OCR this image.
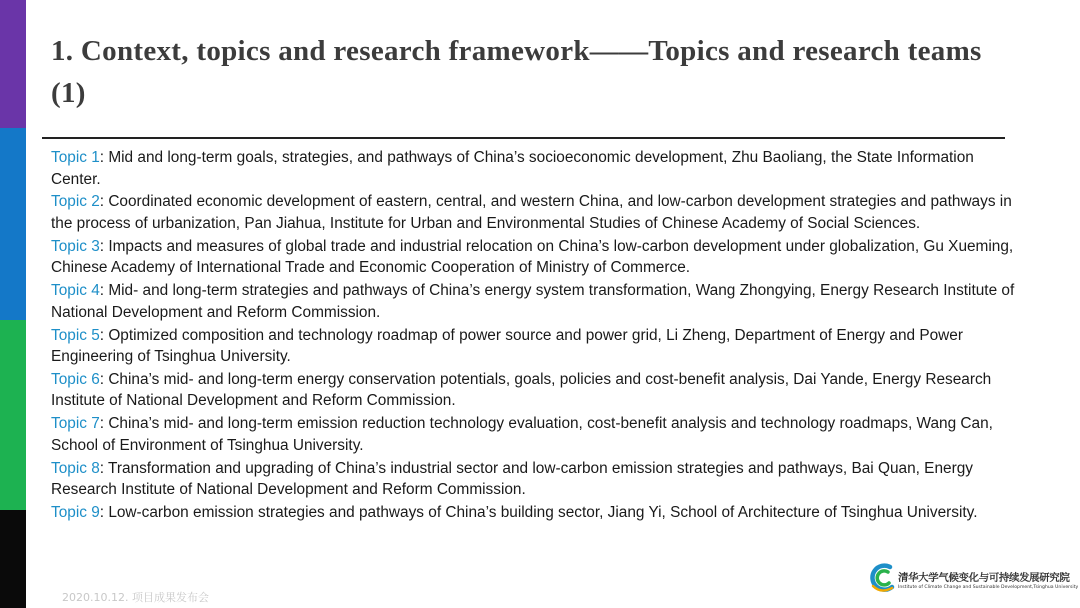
1. Context, topics and research framework——Topics and research teams (1)
Topic 1: Mid and long-term goals, strategies, and pathways of China’s socioeconomic development, Zhu Baoliang, the State Information Center.
Topic 2: Coordinated economic development of eastern, central, and western China, and low-carbon development strategies and pathways in the process of urbanization, Pan Jiahua, Institute for Urban and Environmental Studies of Chinese Academy of Social Sciences.
Topic 3: Impacts and measures of global trade and industrial relocation on China’s low-carbon development under globalization, Gu Xueming, Chinese Academy of International Trade and Economic Cooperation of Ministry of Commerce.
Topic 4: Mid- and long-term strategies and pathways of China’s energy system transformation, Wang Zhongying, Energy Research Institute of National Development and Reform Commission.
Topic 5: Optimized composition and technology roadmap of power source and power grid, Li Zheng, Department of Energy and Power Engineering of Tsinghua University.
Topic 6: China’s mid- and long-term energy conservation potentials, goals, policies and cost-benefit analysis, Dai Yande, Energy Research Institute of National Development and Reform Commission.
Topic 7: China’s mid- and long-term emission reduction technology evaluation, cost-benefit analysis and technology roadmaps, Wang Can, School of Environment of Tsinghua University.
Topic 8: Transformation and upgrading of China’s industrial sector and low-carbon emission strategies and pathways, Bai Quan, Energy Research Institute of National Development and Reform Commission.
Topic 9: Low-carbon emission strategies and pathways of China’s building sector, Jiang Yi, School of Architecture of Tsinghua University.
2020.10.12. 项目成果发布会
清华大学气候变化与可持续发展研究院
Institute of Climate Change and Sustainable Development,Tsinghua University
